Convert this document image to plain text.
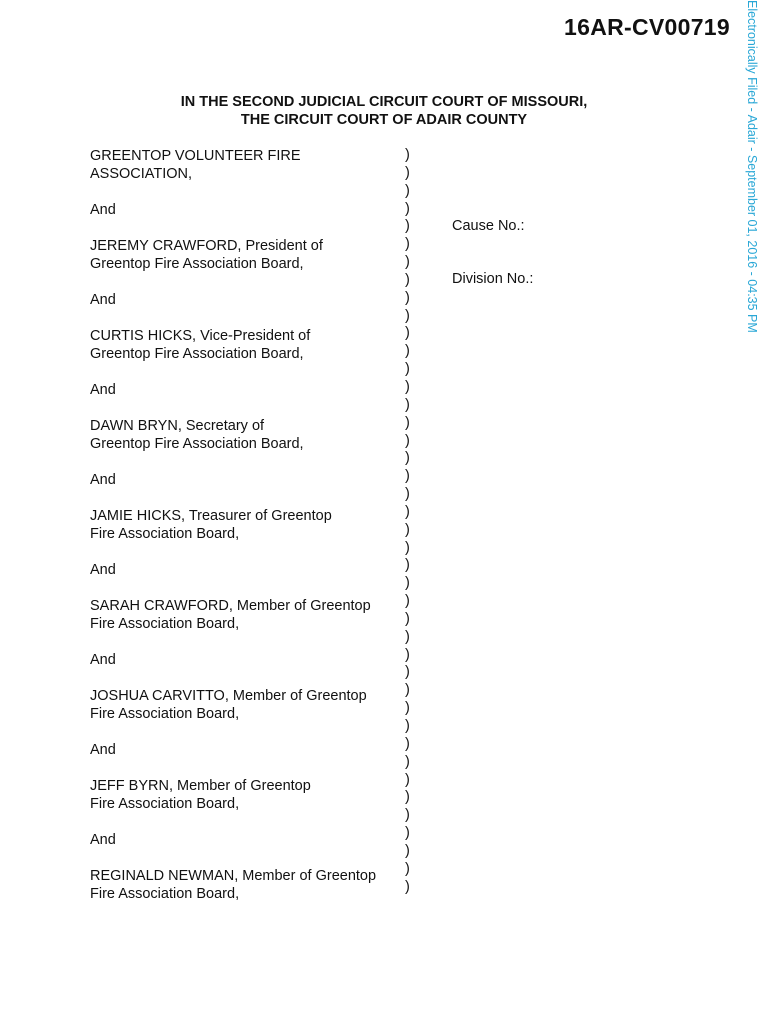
16AR-CV00719 Electronically Filed - Adair - September 01, 2016 - 04:35 PM
IN THE SECOND JUDICIAL CIRCUIT COURT OF MISSOURI,
THE CIRCUIT COURT OF ADAIR COUNTY
GREENTOP VOLUNTEER FIRE
ASSOCIATION,
And
JEREMY CRAWFORD, President of
Greentop Fire Association Board,
And
CURTIS HICKS, Vice-President of
Greentop Fire Association Board,
And
DAWN BRYN, Secretary of
Greentop Fire Association Board,
And
JAMIE HICKS, Treasurer of Greentop
Fire Association Board,
And
SARAH CRAWFORD, Member of Greentop
Fire Association Board,
And
JOSHUA CARVITTO, Member of Greentop
Fire Association Board,
And
JEFF BYRN, Member of Greentop
Fire Association Board,
And
REGINALD NEWMAN, Member of Greentop
Fire Association Board,
)
)
)
)
)
)
)
)
)
)
)
)
)
)
)
)
)
)
)
)
)
)
)
)
)
)
)
)
)
)
)
)
)
)
)
)
)
)
)
)
)
)
Cause No.:
Division No.:
